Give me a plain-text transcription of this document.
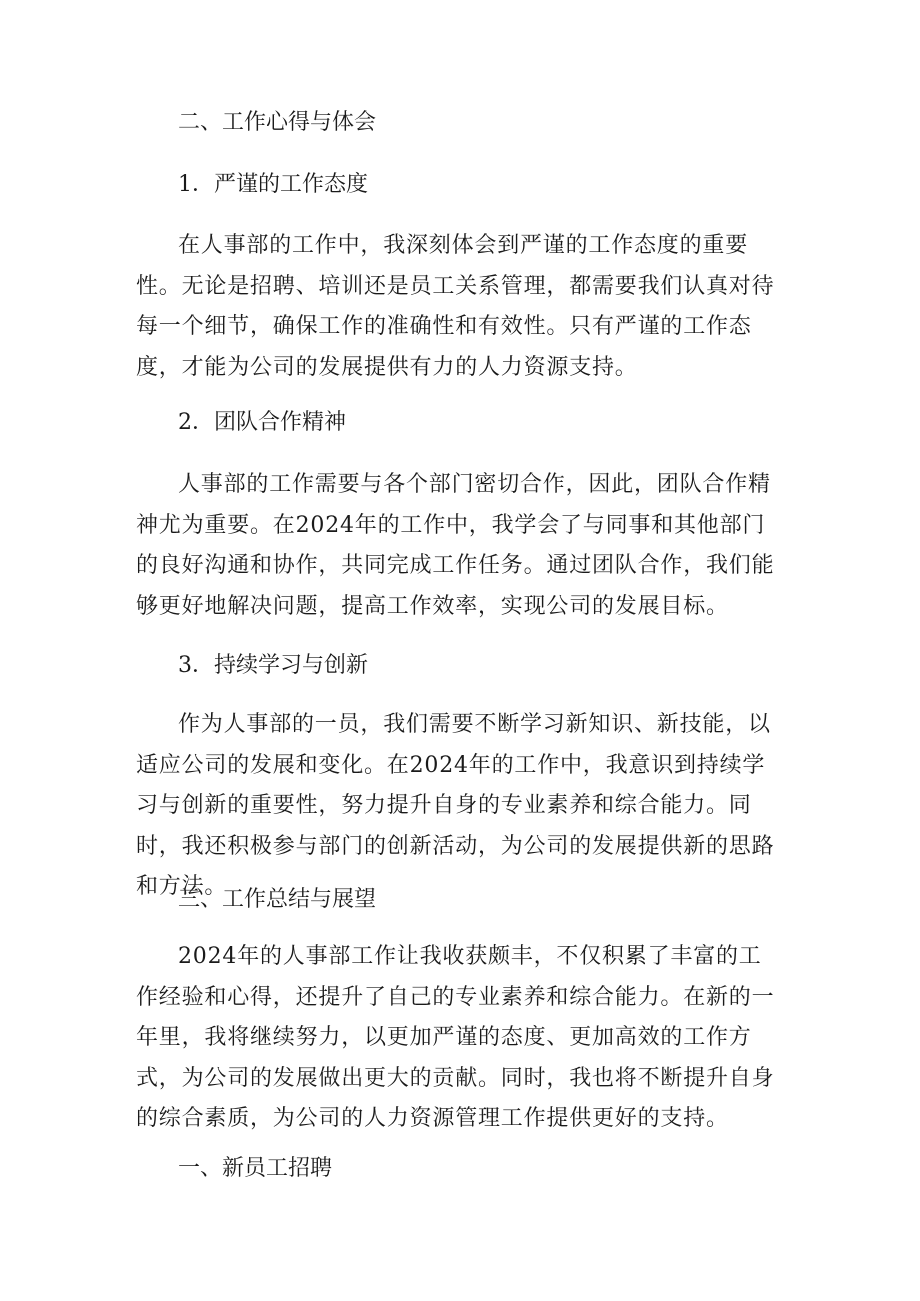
二、工作心得与体会

1．严谨的工作态度

在人事部的工作中，我深刻体会到严谨的工作态度的重要性。无论是招聘、培训还是员工关系管理，都需要我们认真对待每一个细节，确保工作的准确性和有效性。只有严谨的工作态度，才能为公司的发展提供有力的人力资源支持。

2．团队合作精神

人事部的工作需要与各个部门密切合作，因此，团队合作精神尤为重要。在2024年的工作中，我学会了与同事和其他部门的良好沟通和协作，共同完成工作任务。通过团队合作，我们能够更好地解决问题，提高工作效率，实现公司的发展目标。

3．持续学习与创新

作为人事部的一员，我们需要不断学习新知识、新技能，以适应公司的发展和变化。在2024年的工作中，我意识到持续学习与创新的重要性，努力提升自身的专业素养和综合能力。同时，我还积极参与部门的创新活动，为公司的发展提供新的思路和方法。

三、工作总结与展望

2024年的人事部工作让我收获颇丰，不仅积累了丰富的工作经验和心得，还提升了自己的专业素养和综合能力。在新的一年里，我将继续努力，以更加严谨的态度、更加高效的工作方式，为公司的发展做出更大的贡献。同时，我也将不断提升自身的综合素质，为公司的人力资源管理工作提供更好的支持。

一、新员工招聘
